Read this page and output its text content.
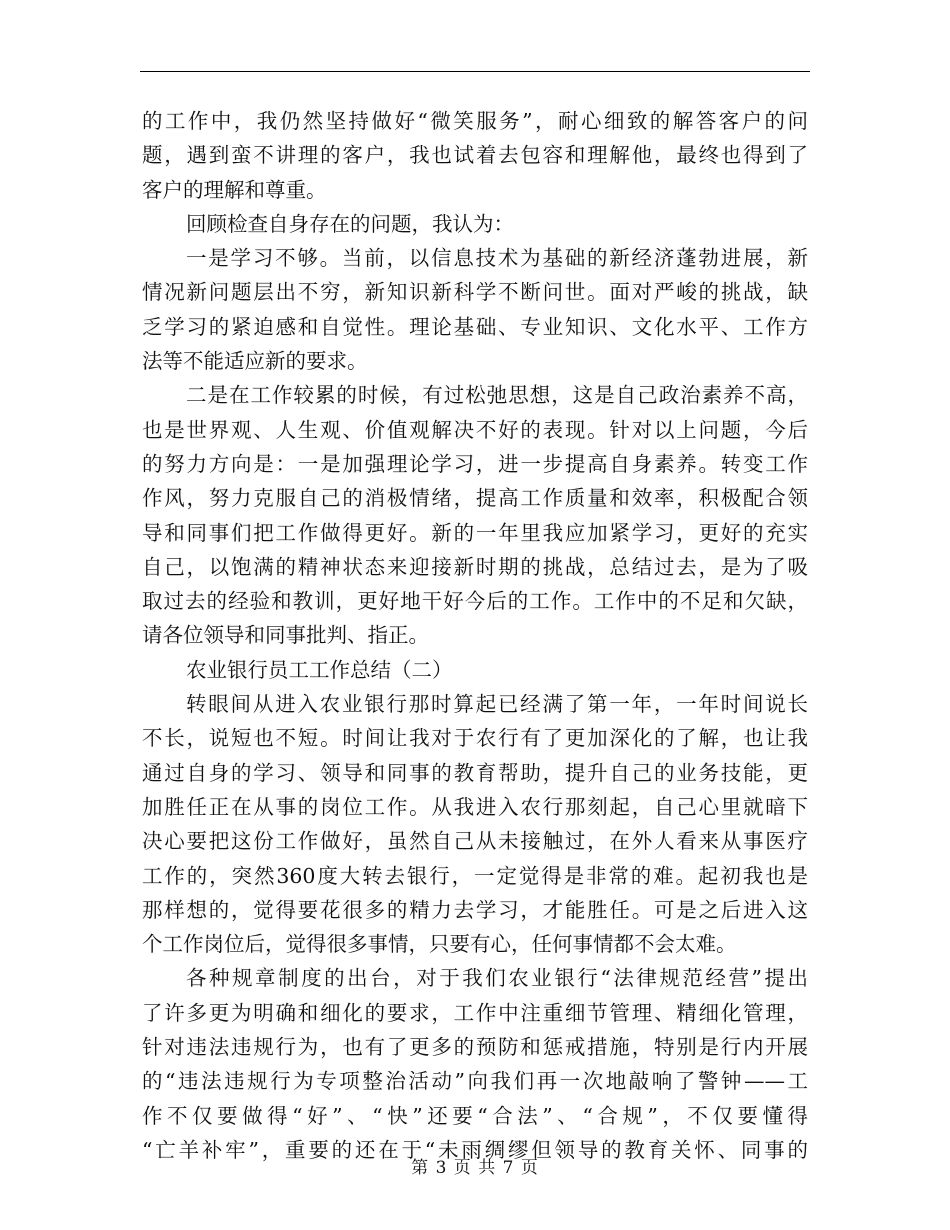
的工作中，我仍然坚持做好“微笑服务”，耐心细致的解答客户的问
题，遇到蛮不讲理的客户，我也试着去包容和理解他，最终也得到了
客户的理解和尊重。
回顾检查自身存在的问题，我认为：
一是学习不够。当前，以信息技术为基础的新经济蓬勃进展，新
情况新问题层出不穷，新知识新科学不断问世。面对严峻的挑战，缺
乏学习的紧迫感和自觉性。理论基础、专业知识、文化水平、工作方
法等不能适应新的要求。
二是在工作较累的时候，有过松弛思想，这是自己政治素养不高，
也是世界观、人生观、价值观解决不好的表现。针对以上问题，今后
的努力方向是：一是加强理论学习，进一步提高自身素养。转变工作
作风，努力克服自己的消极情绪，提高工作质量和效率，积极配合领
导和同事们把工作做得更好。新的一年里我应加紧学习，更好的充实
自己，以饱满的精神状态来迎接新时期的挑战，总结过去，是为了吸
取过去的经验和教训，更好地干好今后的工作。工作中的不足和欠缺，
请各位领导和同事批判、指正。
农业银行员工工作总结（二）
转眼间从进入农业银行那时算起已经满了第一年，一年时间说长
不长，说短也不短。时间让我对于农行有了更加深化的了解，也让我
通过自身的学习、领导和同事的教育帮助，提升自己的业务技能，更
加胜任正在从事的岗位工作。从我进入农行那刻起，自己心里就暗下
决心要把这份工作做好，虽然自己从未接触过，在外人看来从事医疗
工作的，突然360度大转去银行，一定觉得是非常的难。起初我也是
那样想的，觉得要花很多的精力去学习，才能胜任。可是之后进入这
个工作岗位后，觉得很多事情，只要有心，任何事情都不会太难。
各种规章制度的出台，对于我们农业银行“法律规范经营”提出
了许多更为明确和细化的要求，工作中注重细节管理、精细化管理，
针对违法违规行为，也有了更多的预防和惩戒措施，特别是行内开展
的“违法违规行为专项整治活动”向我们再一次地敲响了警钟——工
作不仅要做得“好”、“快”还要“合法”、“合规”，不仅要懂得
“亡羊补牢”，重要的还在于“未雨绸缪但领导的教育关怀、同事的
第 3 页 共 7 页
